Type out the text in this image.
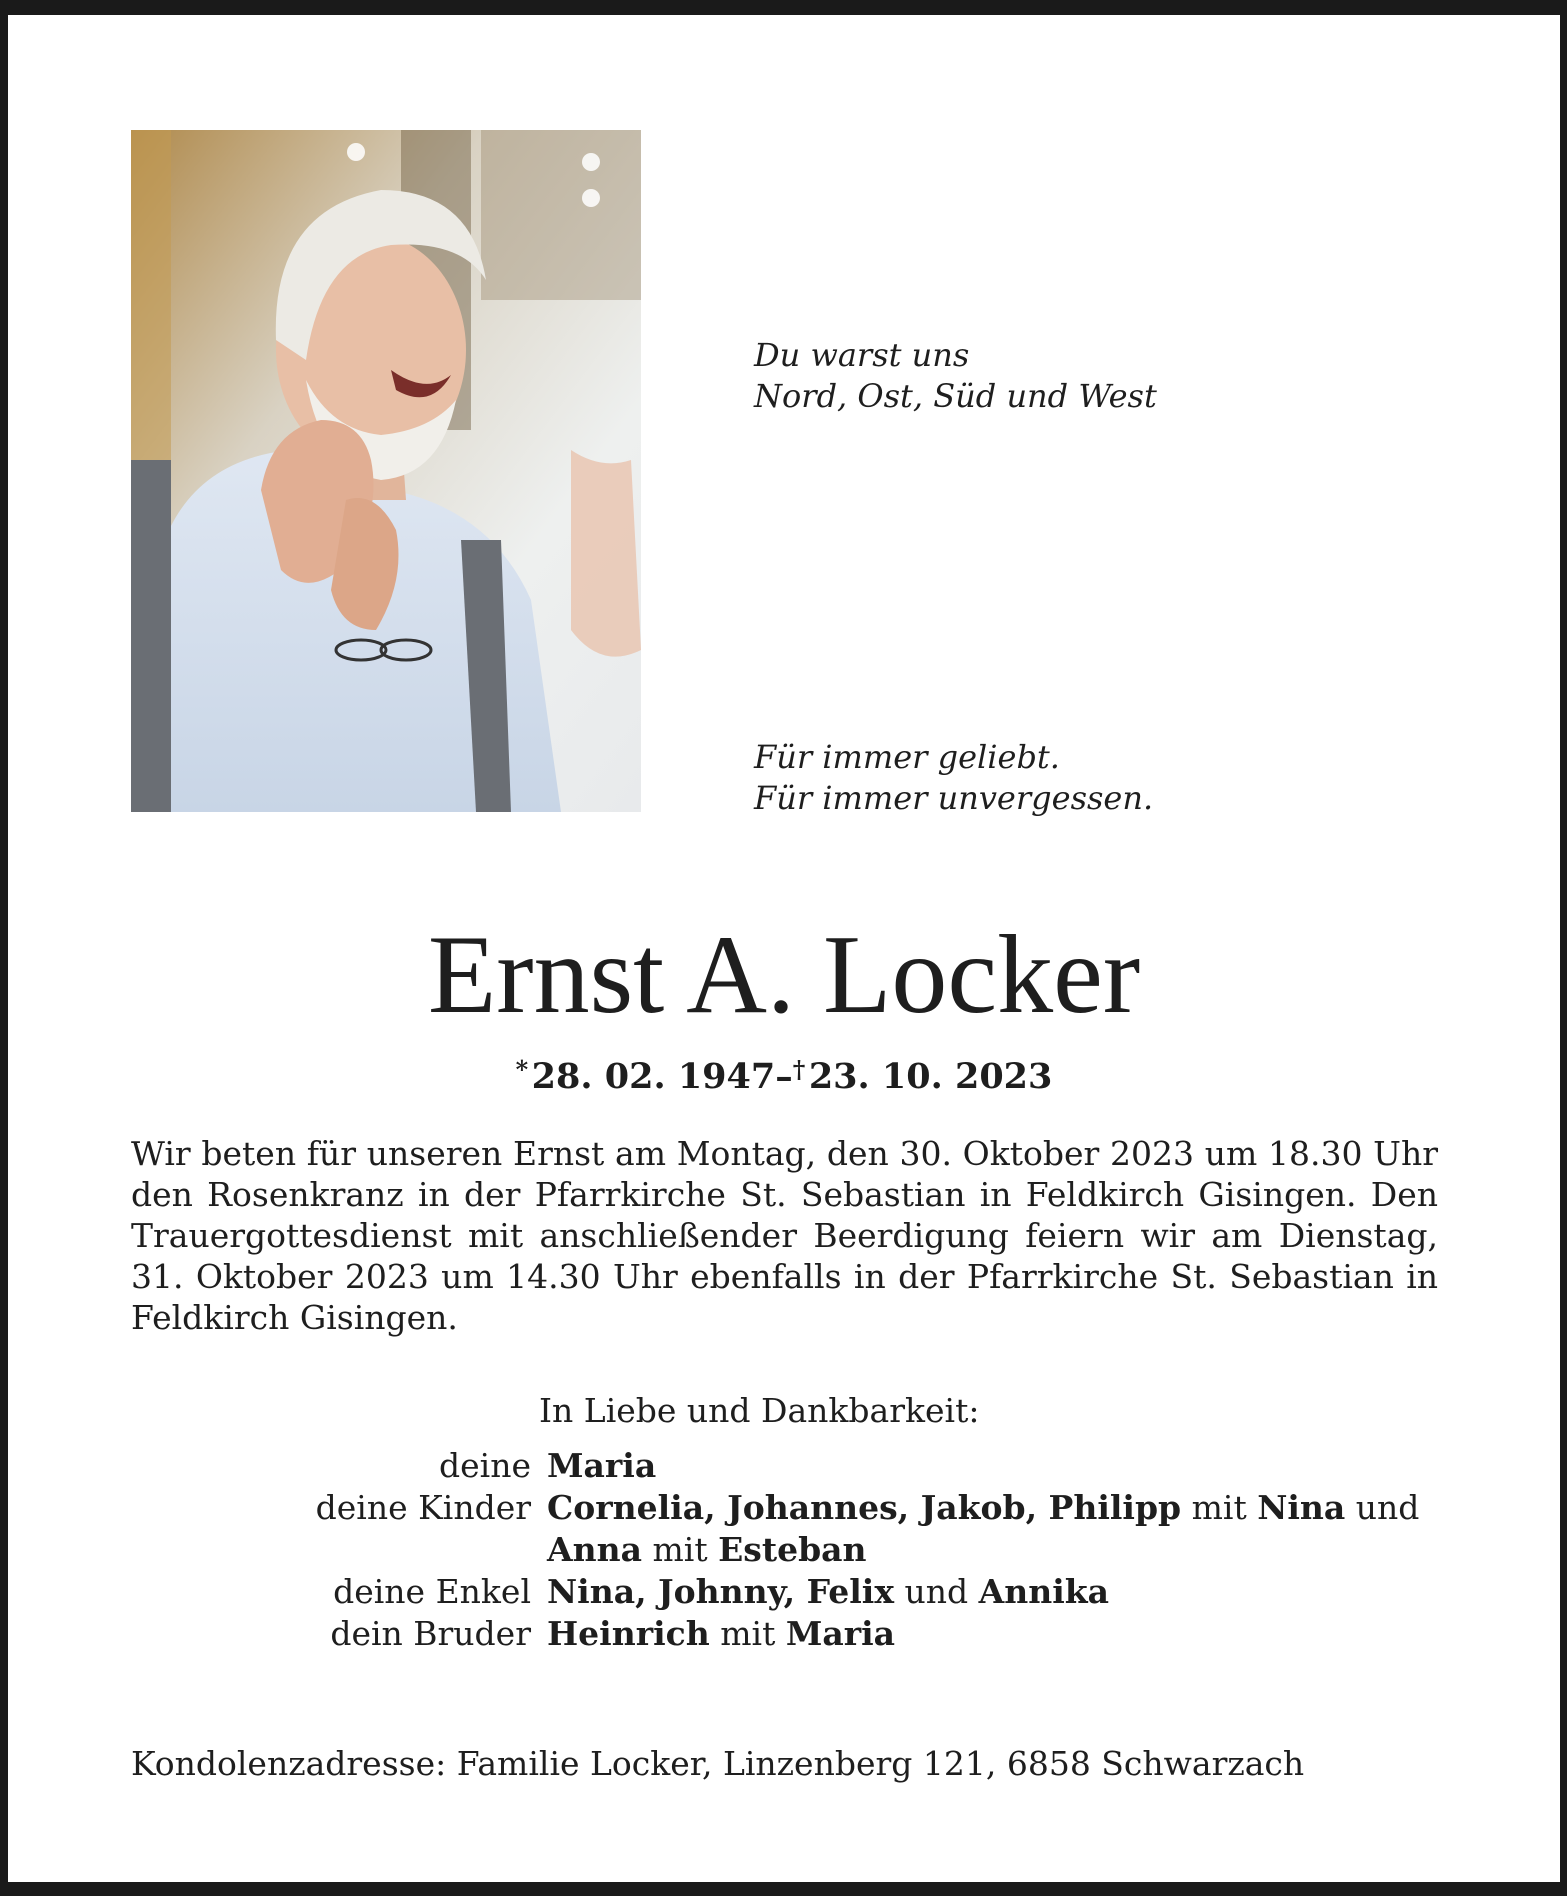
Du warst uns
Nord, Ost, Süd und West
Für immer geliebt.
Für immer unvergessen.
Ernst A. Locker
*  28. 02. 1947–†  23. 10. 2023
Wir beten für unseren Ernst am Montag, den 30. Oktober 2023 um 18.30 Uhr den Rosenkranz in der Pfarrkirche St. Sebastian in Feldkirch Gisingen. Den Trauergottesdienst mit anschließender Beerdigung feiern wir am Dienstag, 31. Oktober 2023 um 14.30 Uhr ebenfalls in der Pfarrkirche St. Sebastian in Feldkirch Gisingen.
In Liebe und Dankbarkeit:
deine Maria
deine Kinder Cornelia, Johannes, Jakob, Philipp mit Nina und
Anna mit Esteban
deine Enkel Nina, Johnny, Felix und Annika
dein Bruder Heinrich mit Maria
Kondolenzadresse: Familie Locker, Linzenberg 121, 6858 Schwarzach
